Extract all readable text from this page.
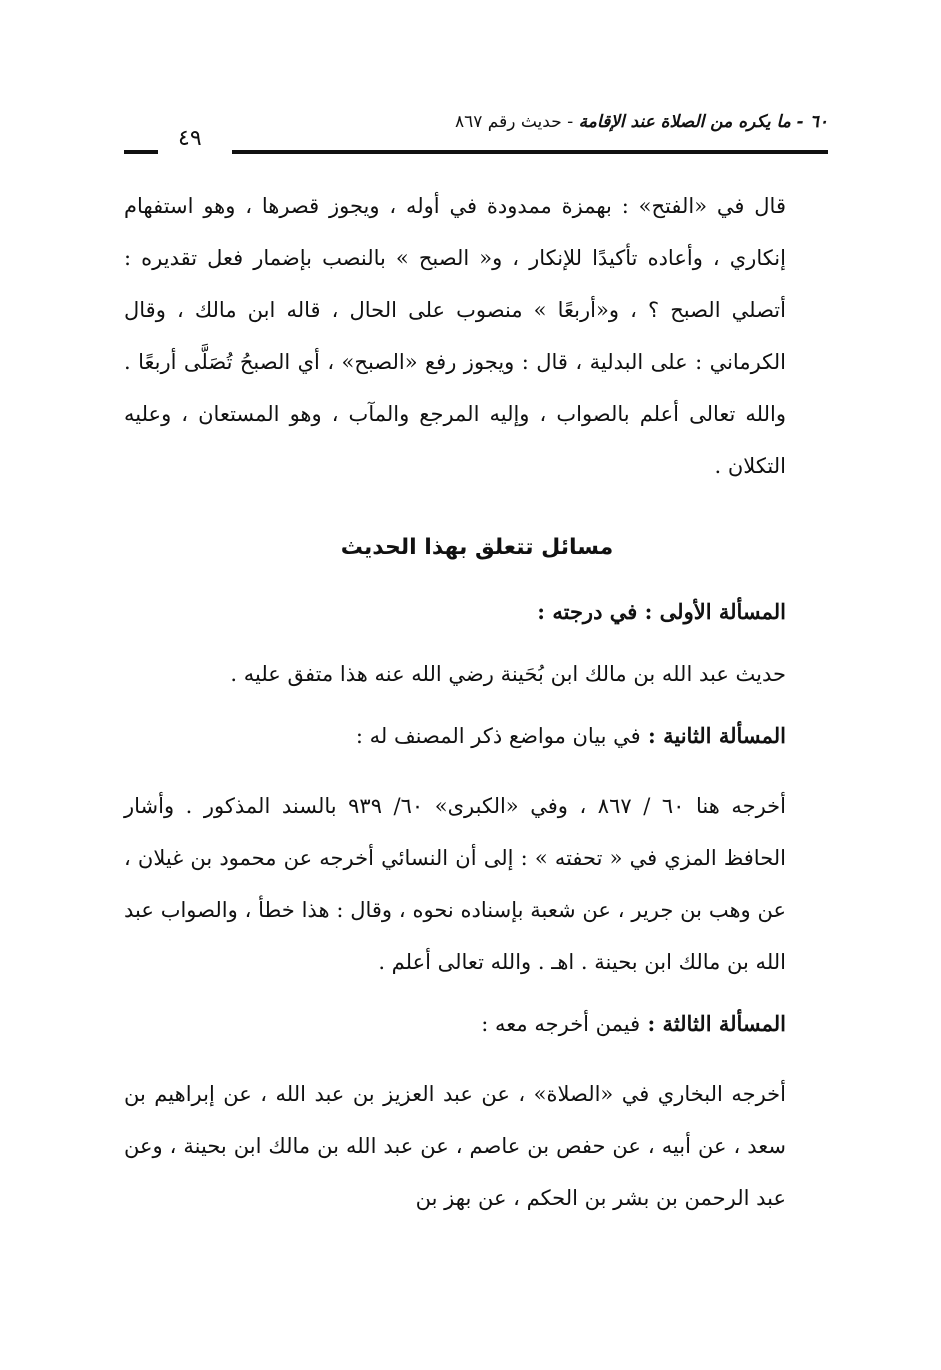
٦٠ - ما يكره من الصلاة عند الإقامة - حديث رقم ٨٦٧
٤٩

قال في «الفتح» : بهمزة ممدودة في أوله ، ويجوز قصرها ، وهو استفهام إنكاري ، وأعاده تأكيدًا للإنكار ، و« الصبح » بالنصب بإضمار فعل تقديره : أتصلي الصبح ؟ ، و«أربعًا » منصوب على الحال ، قاله ابن مالك ، وقال الكرماني : على البدلية ، قال : ويجوز رفع «الصبح» ، أي الصبحُ تُصَلَّى أربعًا . والله تعالى أعلم بالصواب ، وإليه المرجع والمآب ، وهو المستعان ، وعليه التكلان .

مسائل تتعلق بهذا الحديث

المسألة الأولى : في درجته :

حديث عبد الله بن مالك ابن بُحَينة رضي الله عنه هذا متفق عليه .

المسألة الثانية : في بيان مواضع ذكر المصنف له :

أخرجه هنا ٦٠ / ٨٦٧ ، وفي «الكبرى» ٦٠/ ٩٣٩ بالسند المذكور . وأشار الحافظ المزي في « تحفته » : إلى أن النسائي أخرجه عن محمود بن غيلان ، عن وهب بن جرير ، عن شعبة بإسناده نحوه ، وقال : هذا خطأ ، والصواب عبد الله بن مالك ابن بحينة . اهـ . والله تعالى أعلم .

المسألة الثالثة : فيمن أخرجه معه :

أخرجه البخاري في «الصلاة» ، عن عبد العزيز بن عبد الله ، عن إبراهيم بن سعد ، عن أبيه ، عن حفص بن عاصم ، عن عبد الله بن مالك ابن بحينة ، وعن عبد الرحمن بن بشر بن الحكم ، عن بهز بن
